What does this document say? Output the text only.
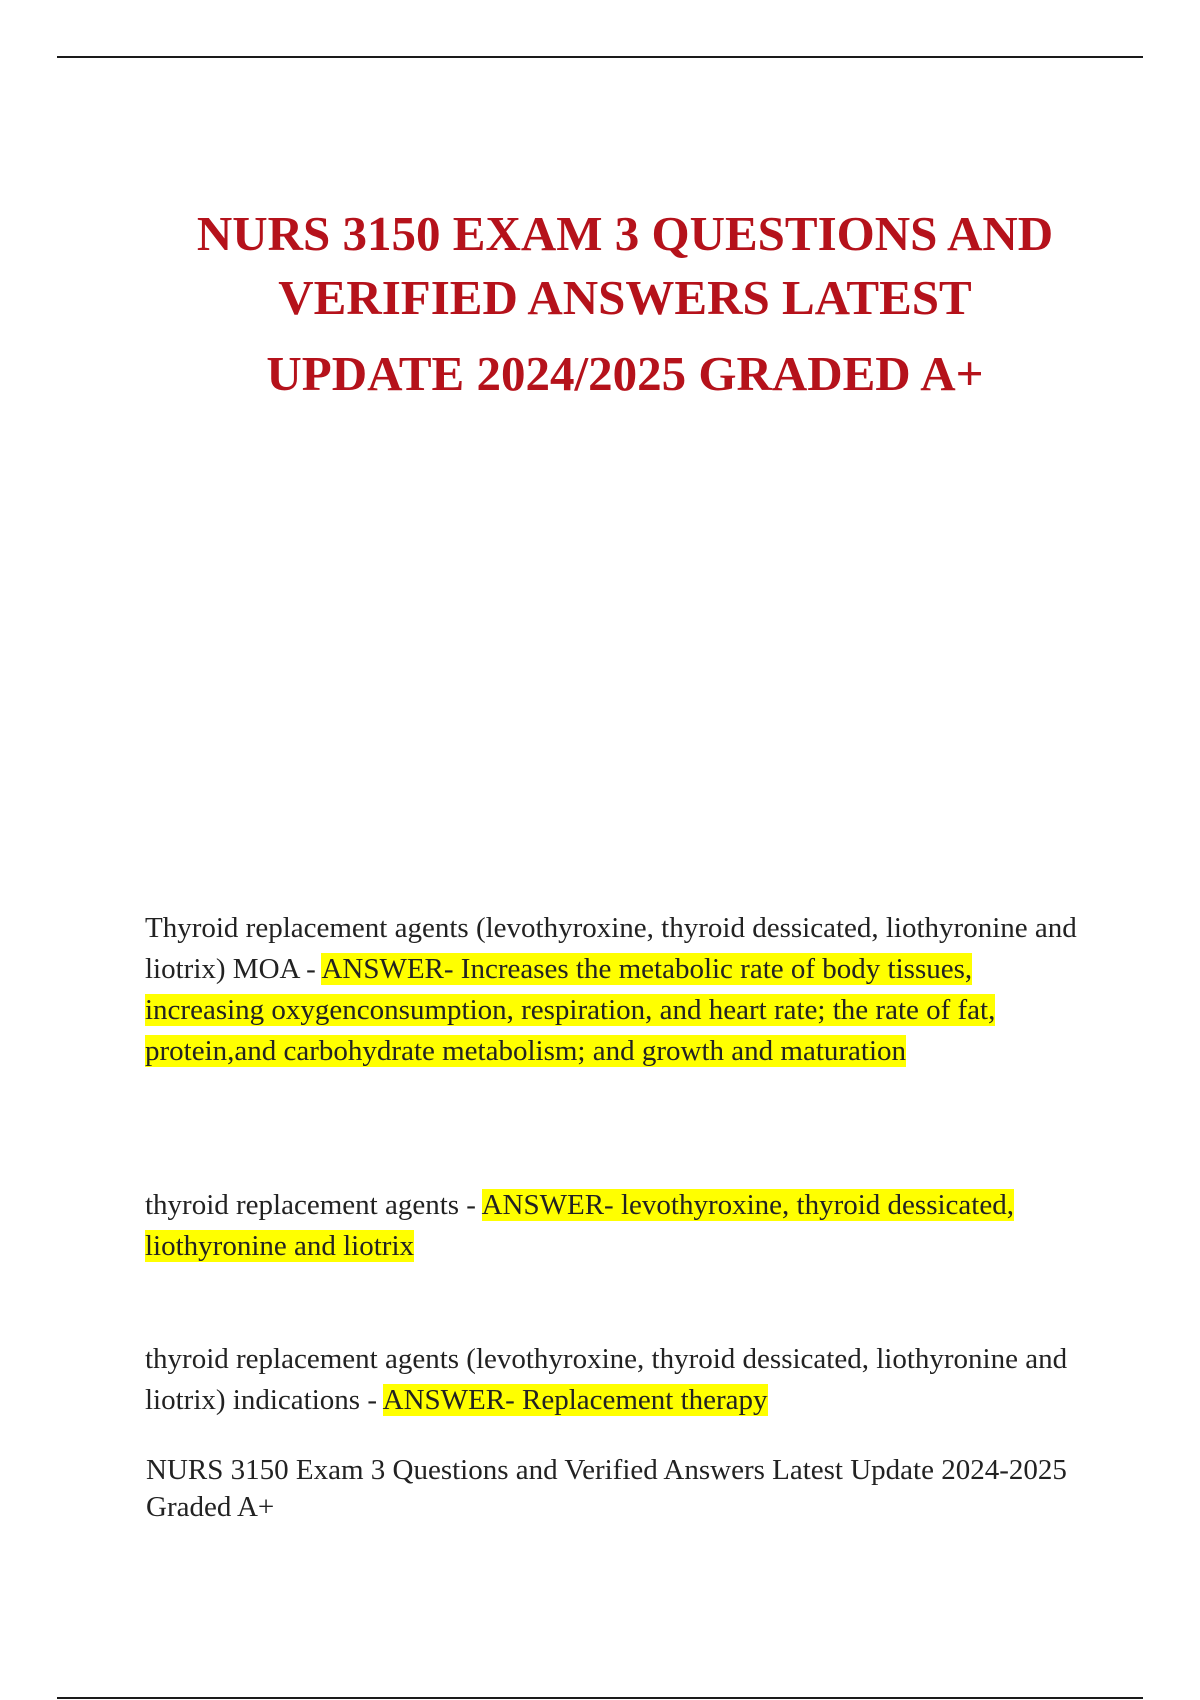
NURS 3150 EXAM 3 QUESTIONS AND
VERIFIED ANSWERS LATEST
UPDATE 2024/2025 GRADED A+

Thyroid replacement agents (levothyroxine, thyroid dessicated, liothyronine and liotrix) MOA - ANSWER- Increases the metabolic rate of body tissues, increasing oxygenconsumption, respiration, and heart rate; the rate of fat, protein,and carbohydrate metabolism; and growth and maturation

thyroid replacement agents - ANSWER- levothyroxine, thyroid dessicated, liothyronine and liotrix

thyroid replacement agents (levothyroxine, thyroid dessicated, liothyronine and liotrix) indications - ANSWER- Replacement therapy

NURS 3150 Exam 3 Questions and Verified Answers Latest Update 2024-2025 Graded A+
